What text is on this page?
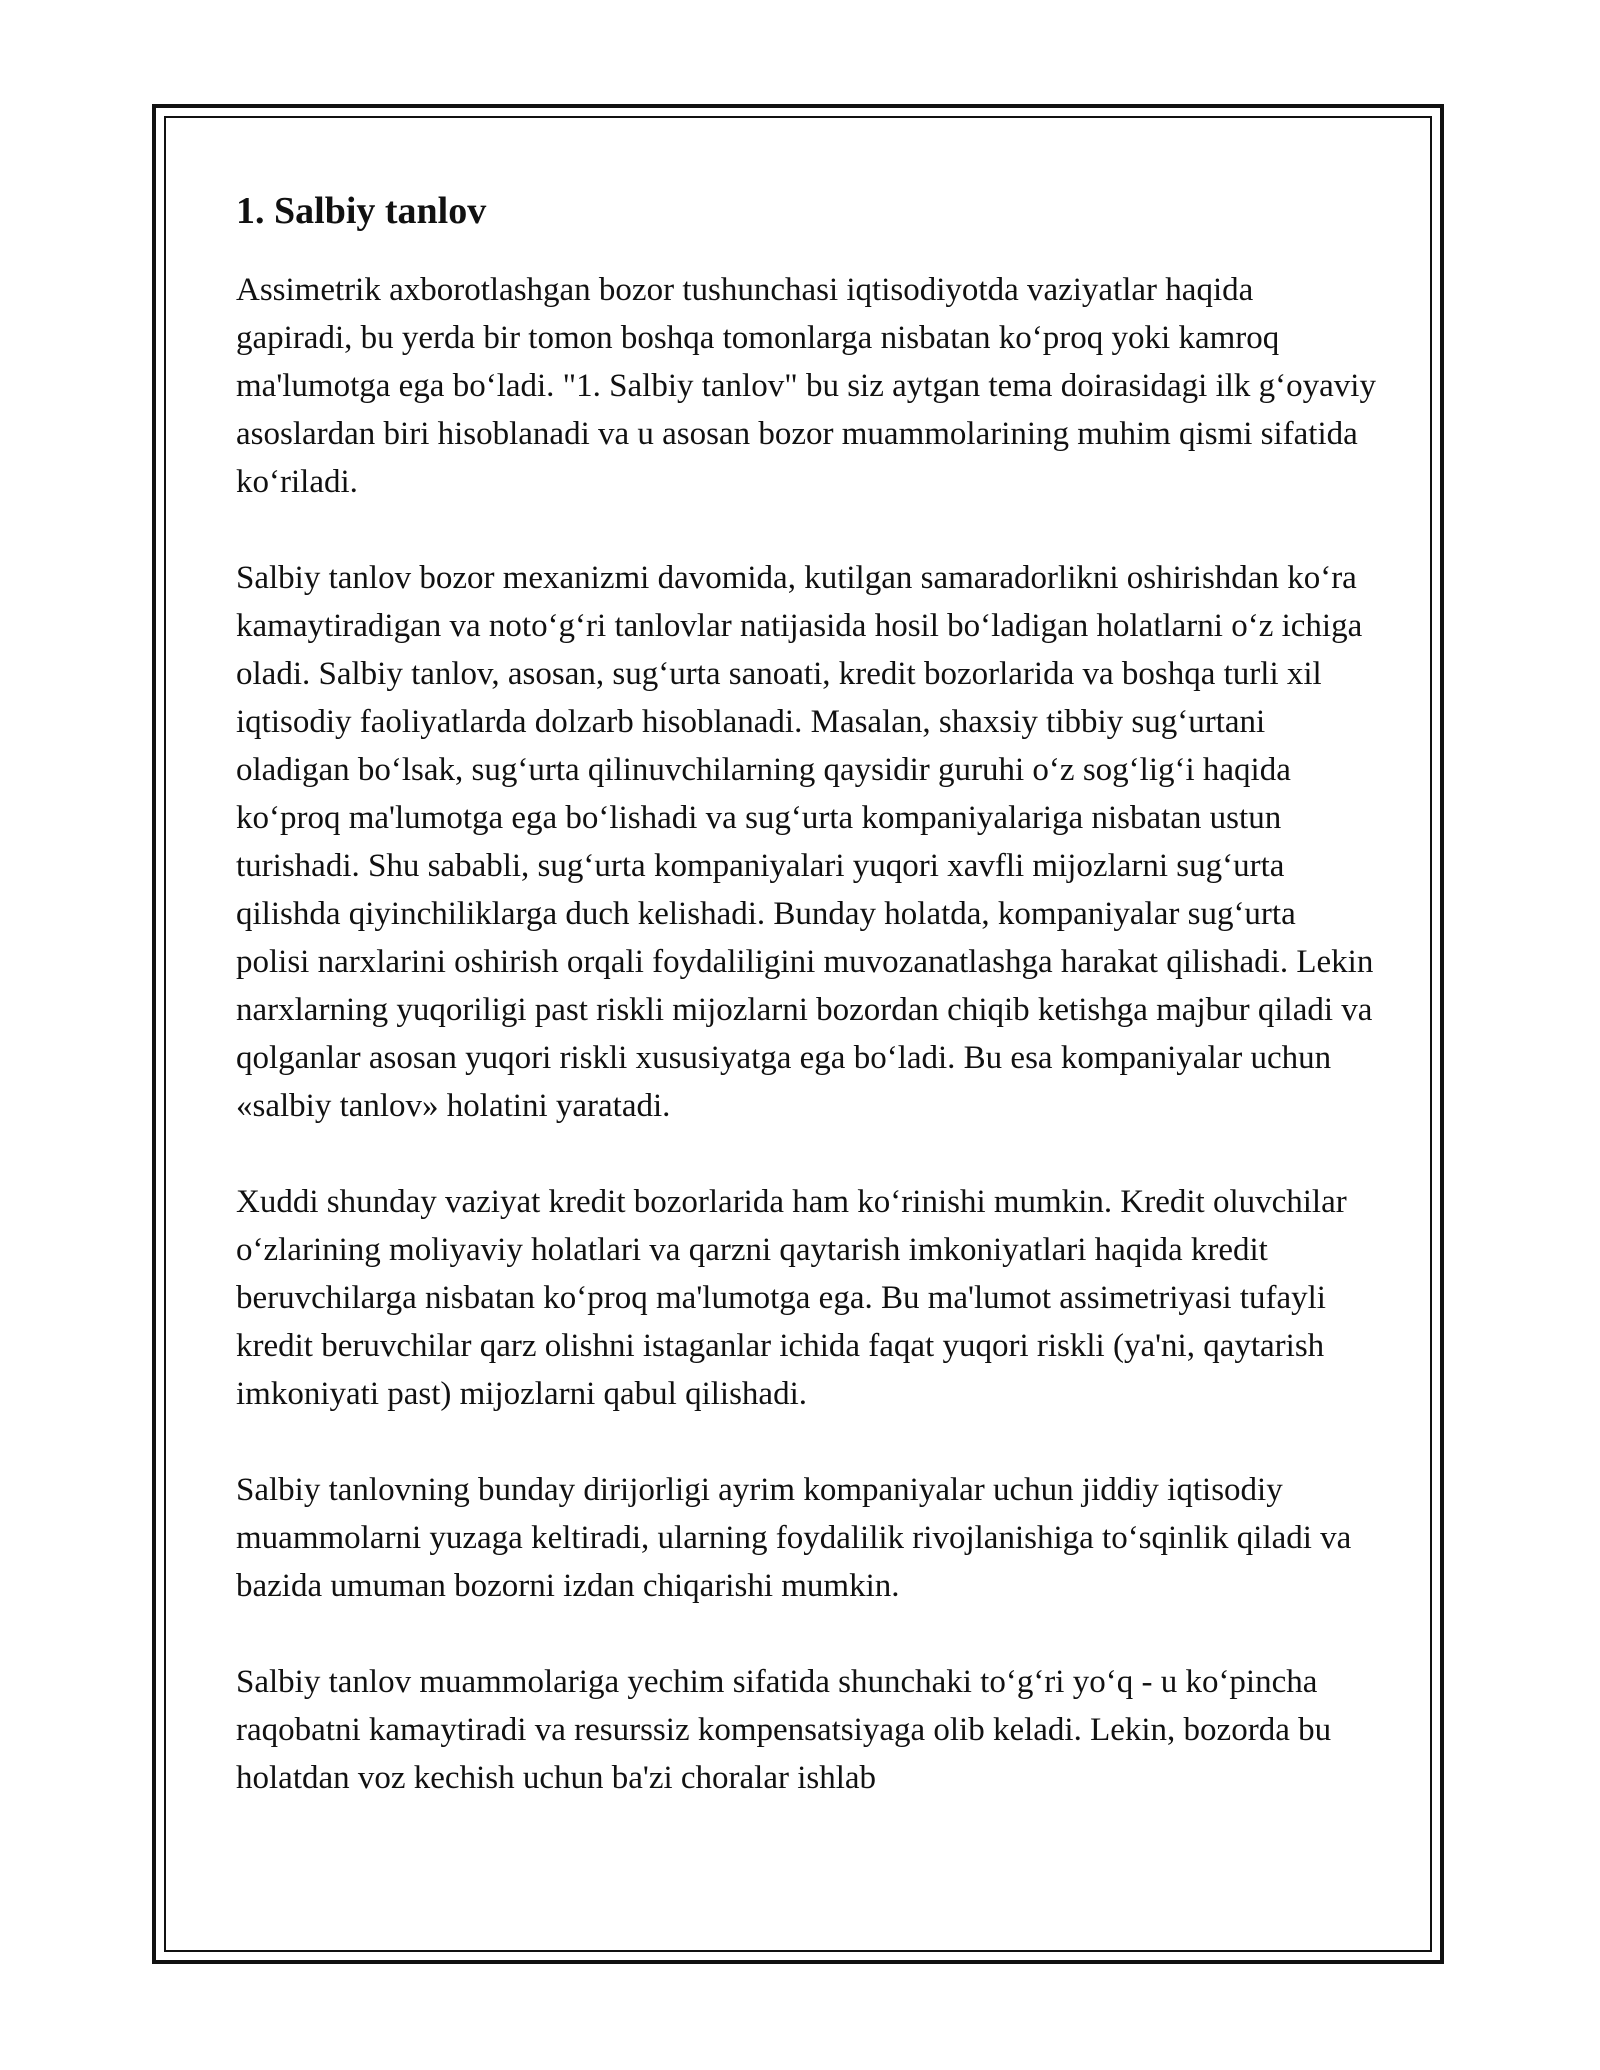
1. Salbiy tanlov

Assimetrik axborotlashgan bozor tushunchasi iqtisodiyotda vaziyatlar haqida gapiradi, bu yerda bir tomon boshqa tomonlarga nisbatan ko‘proq yoki kamroq ma'lumotga ega bo‘ladi. "1. Salbiy tanlov" bu siz aytgan tema doirasidagi ilk g‘oyaviy asoslardan biri hisoblanadi va u asosan bozor muammolarining muhim qismi sifatida ko‘riladi.

Salbiy tanlov bozor mexanizmi davomida, kutilgan samaradorlikni oshirishdan ko‘ra kamaytiradigan va noto‘g‘ri tanlovlar natijasida hosil bo‘ladigan holatlarni o‘z ichiga oladi. Salbiy tanlov, asosan, sug‘urta sanoati, kredit bozorlarida va boshqa turli xil iqtisodiy faoliyatlarda dolzarb hisoblanadi. Masalan, shaxsiy tibbiy sug‘urtani oladigan bo‘lsak, sug‘urta qilinuvchilarning qaysidir guruhi o‘z sog‘lig‘i haqida ko‘proq ma'lumotga ega bo‘lishadi va sug‘urta kompaniyalariga nisbatan ustun turishadi. Shu sababli, sug‘urta kompaniyalari yuqori xavfli mijozlarni sug‘urta qilishda qiyinchiliklarga duch kelishadi. Bunday holatda, kompaniyalar sug‘urta polisi narxlarini oshirish orqali foydaliligini muvozanatlashga harakat qilishadi. Lekin narxlarning yuqoriligi past riskli mijozlarni bozordan chiqib ketishga majbur qiladi va qolganlar asosan yuqori riskli xususiyatga ega bo‘ladi. Bu esa kompaniyalar uchun «salbiy tanlov» holatini yaratadi.

Xuddi shunday vaziyat kredit bozorlarida ham ko‘rinishi mumkin. Kredit oluvchilar o‘zlarining moliyaviy holatlari va qarzni qaytarish imkoniyatlari haqida kredit beruvchilarga nisbatan ko‘proq ma'lumotga ega. Bu ma'lumot assimetriyasi tufayli kredit beruvchilar qarz olishni istaganlar ichida faqat yuqori riskli (ya'ni, qaytarish imkoniyati past) mijozlarni qabul qilishadi.

Salbiy tanlovning bunday dirijorligi ayrim kompaniyalar uchun jiddiy iqtisodiy muammolarni yuzaga keltiradi, ularning foydalilik rivojlanishiga to‘sqinlik qiladi va bazida umuman bozorni izdan chiqarishi mumkin.

Salbiy tanlov muammolariga yechim sifatida shunchaki to‘g‘ri yo‘q - u ko‘pincha raqobatni kamaytiradi va resurssiz kompensatsiyaga olib keladi. Lekin, bozorda bu holatdan voz kechish uchun ba'zi choralar ishlab
